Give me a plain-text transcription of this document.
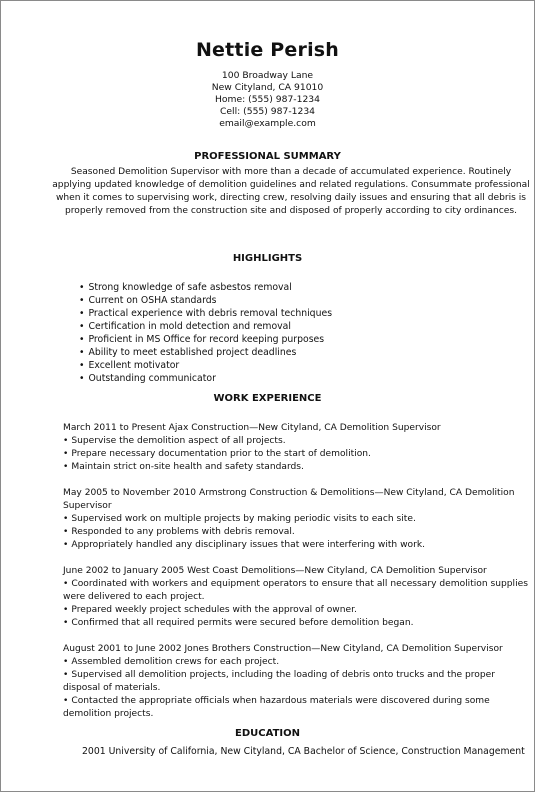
Nettie Perish
100 Broadway Lane
New Cityland, CA 91010
Home: (555) 987-1234
Cell: (555) 987-1234
email@example.com
PROFESSIONAL SUMMARY
Seasoned Demolition Supervisor with more than a decade of accumulated experience. Routinely applying updated knowledge of demolition guidelines and related regulations. Consummate professional when it comes to supervising work, directing crew, resolving daily issues and ensuring that all debris is properly removed from the construction site and disposed of properly according to city ordinances.
HIGHLIGHTS
• Strong knowledge of safe asbestos removal
• Current on OSHA standards
• Practical experience with debris removal techniques
• Certification in mold detection and removal
• Proficient in MS Office for record keeping purposes
• Ability to meet established project deadlines
• Excellent motivator
• Outstanding communicator
WORK EXPERIENCE
March 2011 to Present Ajax Construction—New Cityland, CA Demolition Supervisor
• Supervise the demolition aspect of all projects.
• Prepare necessary documentation prior to the start of demolition.
• Maintain strict on-site health and safety standards.
May 2005 to November 2010 Armstrong Construction & Demolitions—New Cityland, CA Demolition Supervisor
• Supervised work on multiple projects by making periodic visits to each site.
• Responded to any problems with debris removal.
• Appropriately handled any disciplinary issues that were interfering with work.
June 2002 to January 2005 West Coast Demolitions—New Cityland, CA Demolition Supervisor
• Coordinated with workers and equipment operators to ensure that all necessary demolition supplies were delivered to each project.
• Prepared weekly project schedules with the approval of owner.
• Confirmed that all required permits were secured before demolition began.
August 2001 to June 2002 Jones Brothers Construction—New Cityland, CA Demolition Supervisor
• Assembled demolition crews for each project.
• Supervised all demolition projects, including the loading of debris onto trucks and the proper disposal of materials.
• Contacted the appropriate officials when hazardous materials were discovered during some demolition projects.
EDUCATION
2001 University of California, New Cityland, CA Bachelor of Science, Construction Management
